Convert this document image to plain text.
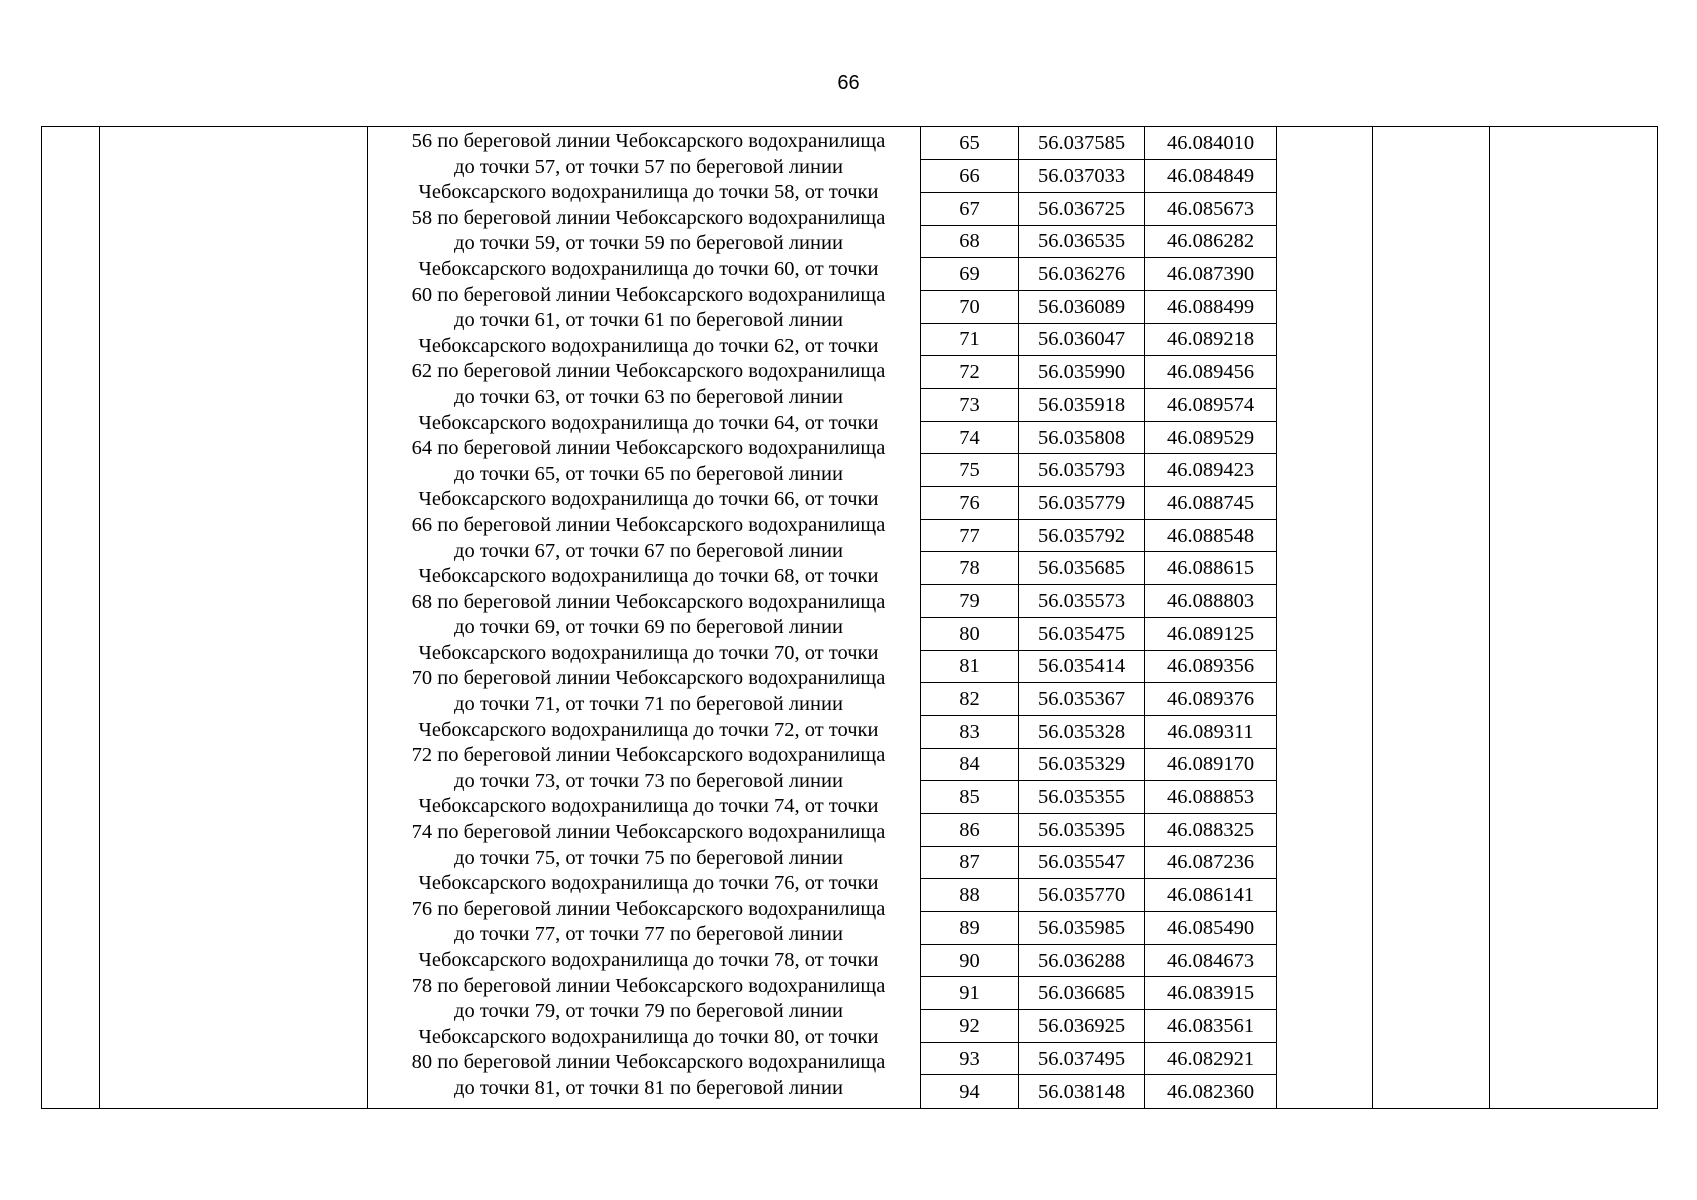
66
56 по береговой линии Чебоксарского водохранилища
до точки 57, от точки 57 по береговой линии
Чебоксарского водохранилища до точки 58, от точки
58 по береговой линии Чебоксарского водохранилища
до точки 59, от точки 59 по береговой линии
Чебоксарского водохранилища до точки 60, от точки
60 по береговой линии Чебоксарского водохранилища
до точки 61, от точки 61 по береговой линии
Чебоксарского водохранилища до точки 62, от точки
62 по береговой линии Чебоксарского водохранилища
до точки 63, от точки 63 по береговой линии
Чебоксарского водохранилища до точки 64, от точки
64 по береговой линии Чебоксарского водохранилища
до точки 65, от точки 65 по береговой линии
Чебоксарского водохранилища до точки 66, от точки
66 по береговой линии Чебоксарского водохранилища
до точки 67, от точки 67 по береговой линии
Чебоксарского водохранилища до точки 68, от точки
68 по береговой линии Чебоксарского водохранилища
до точки 69, от точки 69 по береговой линии
Чебоксарского водохранилища до точки 70, от точки
70 по береговой линии Чебоксарского водохранилища
до точки 71, от точки 71 по береговой линии
Чебоксарского водохранилища до точки 72, от точки
72 по береговой линии Чебоксарского водохранилища
до точки 73, от точки 73 по береговой линии
Чебоксарского водохранилища до точки 74, от точки
74 по береговой линии Чебоксарского водохранилища
до точки 75, от точки 75 по береговой линии
Чебоксарского водохранилища до точки 76, от точки
76 по береговой линии Чебоксарского водохранилища
до точки 77, от точки 77 по береговой линии
Чебоксарского водохранилища до точки 78, от точки
78 по береговой линии Чебоксарского водохранилища
до точки 79, от точки 79 по береговой линии
Чебоксарского водохранилища до точки 80, от точки
80 по береговой линии Чебоксарского водохранилища
до точки 81, от точки 81 по береговой линии
65	56.037585	46.084010
66	56.037033	46.084849
67	56.036725	46.085673
68	56.036535	46.086282
69	56.036276	46.087390
70	56.036089	46.088499
71	56.036047	46.089218
72	56.035990	46.089456
73	56.035918	46.089574
74	56.035808	46.089529
75	56.035793	46.089423
76	56.035779	46.088745
77	56.035792	46.088548
78	56.035685	46.088615
79	56.035573	46.088803
80	56.035475	46.089125
81	56.035414	46.089356
82	56.035367	46.089376
83	56.035328	46.089311
84	56.035329	46.089170
85	56.035355	46.088853
86	56.035395	46.088325
87	56.035547	46.087236
88	56.035770	46.086141
89	56.035985	46.085490
90	56.036288	46.084673
91	56.036685	46.083915
92	56.036925	46.083561
93	56.037495	46.082921
94	56.038148	46.082360
